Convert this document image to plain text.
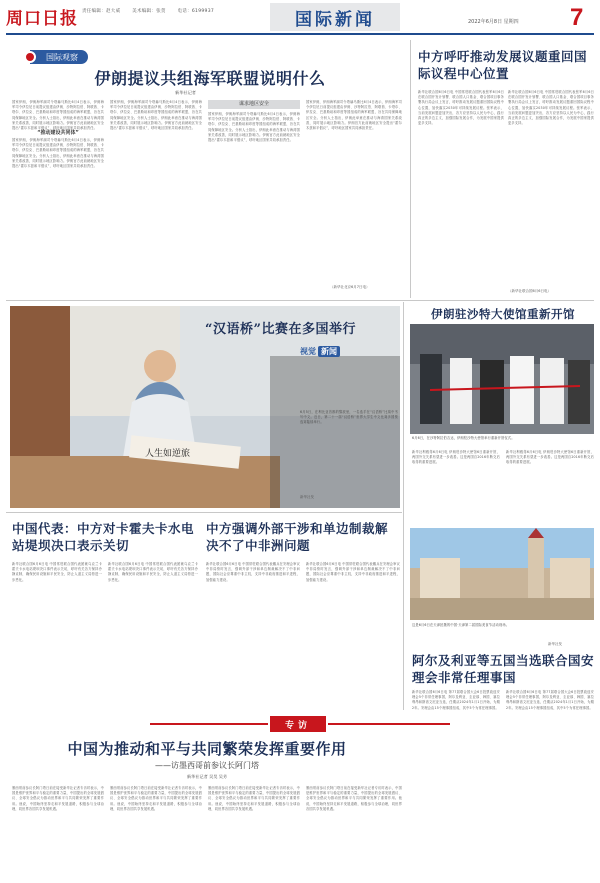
周口日报 责任编辑：赵大威	美术编辑：张贺	电话：6199937	国际新闻	2022年6月8日 星期四 7
国际观察
伊朗提议共组海军联盟说明什么
新华社记者
国家伊朗，伊朗海军副司令塔赫马斯比6月4日表示，伊朗海军司令伊拉尼日前提议组建由伊朗、沙特阿拉伯、阿联酋、卡塔尔、伊拉克、巴基斯坦和印度等国组成的海军联盟，旨在共同保障地区安全。分析人士指出，伊朗此举意在推动与海湾国家关系改善，同时展示地区影响力。伊朗官方此前就地区安全提出“霍尔木兹和平倡议”，呼吁地区国家共同承担责任。
“推动建设共同体”
国家伊朗，伊朗海军副司令塔赫马斯比6月4日表示，伊朗海军司令伊拉尼日前提议组建由伊朗、沙特阿拉伯、阿联酋、卡塔尔、伊拉克、巴基斯坦和印度等国组成的海军联盟，旨在共同保障地区安全。分析人士指出，伊朗此举意在推动与海湾国家关系改善，同时展示地区影响力。伊朗官方此前就地区安全提出“霍尔木兹和平倡议”，呼吁地区国家共同承担责任。
国家伊朗，伊朗海军副司令塔赫马斯比6月4日表示，伊朗海军司令伊拉尼日前提议组建由伊朗、沙特阿拉伯、阿联酋、卡塔尔、伊拉克、巴基斯坦和印度等国组成的海军联盟，旨在共同保障地区安全。分析人士指出，伊朗此举意在推动与海湾国家关系改善，同时展示地区影响力。伊朗官方此前就地区安全提出“霍尔木兹和平倡议”，呼吁地区国家共同承担责任。
谋求地区安全
国家伊朗，伊朗海军副司令塔赫马斯比6月4日表示，伊朗海军司令伊拉尼日前提议组建由伊朗、沙特阿拉伯、阿联酋、卡塔尔、伊拉克、巴基斯坦和印度等国组成的海军联盟，旨在共同保障地区安全。分析人士指出，伊朗此举意在推动与海湾国家关系改善，同时展示地区影响力。伊朗官方此前就地区安全提出“霍尔木兹和平倡议”，呼吁地区国家共同承担责任。
国家伊朗，伊朗海军副司令塔赫马斯比6月4日表示，伊朗海军司令伊拉尼日前提议组建由伊朗、沙特阿拉伯、阿联酋、卡塔尔、伊拉克、巴基斯坦和印度等国组成的海军联盟，旨在共同保障地区安全。分析人士指出，伊朗此举意在推动与海湾国家关系改善，同时展示地区影响力。伊朗官方此前就地区安全提出“霍尔木兹和平倡议”，呼吁地区国家共同承担责任。
（新华社北京6月7日电）
中方呼吁推动发展议题重回国际议程中心位置
新华社联合国6月6日电 中国常驻联合国代表张军6月6日在联合国开发计划署、联合国人口基金、联合国项目事务署执行局会议上发言，呼吁推动发展议题重回国际议程中心位置，加快落实2030年可持续发展议程。张军表示，当前发展问题更加突出，各方应坚持以人民为中心，践行真正的多边主义，加强国际发展合作，为发展中国家提供更多支持。
新华社联合国6月6日电 中国常驻联合国代表张军6月6日在联合国开发计划署、联合国人口基金、联合国项目事务署执行局会议上发言，呼吁推动发展议题重回国际议程中心位置，加快落实2030年可持续发展议程。张军表示，当前发展问题更加突出，各方应坚持以人民为中心，践行真正的多边主义，加强国际发展合作，为发展中国家提供更多支持。
（新华社联合国6月6日电）
人生如逆旅
“汉语桥”比赛在多国举行
视觉 新闻
6月5日，在利比亚首都的黎波里，一名选手在“汉语桥”比赛中书写中文。近日，第二十一届“汉语桥”世界大学生中文比赛多国预选赛陆续举行。
新华社发
伊朗驻沙特大使馆重新开馆
6月6日，在沙特阿拉伯吉达，伊朗驻沙特大使馆举行重新开馆仪式。
新华社利雅得6月6日电 伊朗驻沙特大使馆6日重新开馆，两国外交关系有望进一步改善。这是两国自2016年断交后取得的重要进展。
新华社利雅得6月6日电 伊朗驻沙特大使馆6日重新开馆，两国外交关系有望进一步改善。这是两国自2016年断交后取得的重要进展。
中国代表：中方对卡霍夫卡水电站堤坝决口表示关切
新华社联合国6月6日电 中国常驻联合国代表团就乌克兰卡霍夫卡水电站堤坝决口事件表示关切，呼吁有关各方保持冷静克制，确保民用设施和平民安全，防止人道主义局势进一步恶化。
新华社联合国6月6日电 中国常驻联合国代表团就乌克兰卡霍夫卡水电站堤坝决口事件表示关切，呼吁有关各方保持冷静克制，确保民用设施和平民安全，防止人道主义局势进一步恶化。
中方强调外部干涉和单边制裁解决不了中非洲问题
新华社联合国6月6日电 中国常驻联合国代表戴兵在安理会审议中非局势时发言，强调外部干涉和单边制裁解决不了中非问题，国际社会应尊重中非主权，支持中非政府推进和平进程，加强能力建设。
新华社联合国6月6日电 中国常驻联合国代表戴兵在安理会审议中非局势时发言，强调外部干涉和单边制裁解决不了中非问题，国际社会应尊重中非主权，支持中非政府推进和平进程，加强能力建设。
这是6月6日在天津拍摄的中国·天津第二届国际美食节活动现场。
新华社发
阿尔及利亚等五国当选联合国安理会非常任理事国
新华社联合国6月6日电 第77届联合国大会6日投票改选安理会5个非常任理事国，阿尔及利亚、圭亚那、韩国、塞拉利昂和斯洛文尼亚当选，任期从2024年1月1日开始，为期2年。安理会由15个理事国组成，其中5个为常任理事国。
新华社联合国6月6日电 第77届联合国大会6日投票改选安理会5个非常任理事国，阿尔及利亚、圭亚那、韩国、塞拉利昂和斯洛文尼亚当选，任期从2024年1月1日开始，为期2年。安理会由15个理事国组成，其中5个为常任理事国。
专访
中国为推动和平与共同繁荣发挥重要作用
——访墨西哥前参议长阿门塔
新华社记者 吴昊 吴芳
墨西哥前参议长阿门塔日前在接受新华社记者专访时表示，中国是维护世界和平与稳定的重要力量，中国提出的全球发展倡议、全球安全倡议为推动世界和平与共同繁荣发挥了重要作用。他说，中国始终坚持走和平发展道路，积极参与全球治理，同世界各国共享发展机遇。
墨西哥前参议长阿门塔日前在接受新华社记者专访时表示，中国是维护世界和平与稳定的重要力量，中国提出的全球发展倡议、全球安全倡议为推动世界和平与共同繁荣发挥了重要作用。他说，中国始终坚持走和平发展道路，积极参与全球治理，同世界各国共享发展机遇。
墨西哥前参议长阿门塔日前在接受新华社记者专访时表示，中国是维护世界和平与稳定的重要力量，中国提出的全球发展倡议、全球安全倡议为推动世界和平与共同繁荣发挥了重要作用。他说，中国始终坚持走和平发展道路，积极参与全球治理，同世界各国共享发展机遇。
墨西哥前参议长阿门塔日前在接受新华社记者专访时表示，中国是维护世界和平与稳定的重要力量，中国提出的全球发展倡议、全球安全倡议为推动世界和平与共同繁荣发挥了重要作用。他说，中国始终坚持走和平发展道路，积极参与全球治理，同世界各国共享发展机遇。
